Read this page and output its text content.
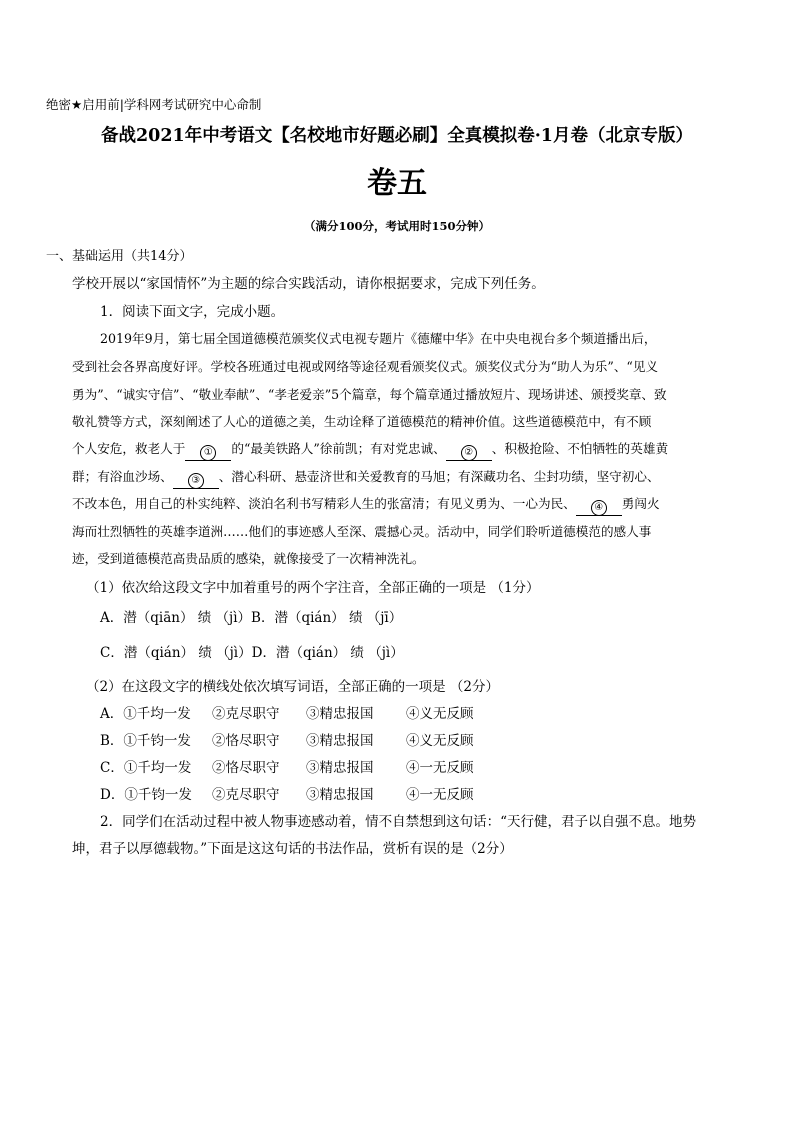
绝密★启用前|学科网考试研究中心命制
备战2021年中考语文【名校地市好题必刷】全真模拟卷·1月卷（北京专版）
卷五
（满分100分，考试用时150分钟）
一、基础运用（共14分）
学校开展以“家国情怀”为主题的综合实践活动，请你根据要求，完成下列任务。
1．阅读下面文字，完成小题。
2019年9月，第七届全国道德模范颁奖仪式电视专题片《德耀中华》在中央电视台多个频道播出后，
受到社会各界高度好评。学校各班通过电视或网络等途径观看颁奖仪式。颁奖仪式分为“助人为乐”、“见义
勇为”、“诚实守信”、“敬业奉献”、“孝老爱亲”5个篇章，每个篇章通过播放短片、现场讲述、颁授奖章、致
敬礼赞等方式，深刻阐述了人心的道德之美，生动诠释了道德模范的精神价值。这些道德模范中，有不顾
个人安危，救老人于 ① 的“最美铁路人”徐前凯；有对党忠诚、 ② 、积极抢险、不怕牺牲的英雄黄
群；有浴血沙场、 ③ 、潜心科研、悬壶济世和关爱教育的马旭；有深藏功名、尘封功绩，坚守初心、
不改本色，用自己的朴实纯粹、淡泊名利书写精彩人生的张富清；有见义勇为、一心为民、 ④ 勇闯火
海而壮烈牺牲的英雄李道洲……他们的事迹感人至深、震撼心灵。活动中，同学们聆听道德模范的感人事
迹，受到道德模范高贵品质的感染，就像接受了一次精神洗礼。
（1）依次给这段文字中加着重号的两个字注音，全部正确的一项是 （1分）
A．潜（qiān） 绩 （jì）B．潜（qián） 绩 （jī）
C．潜（qián） 绩 （jì）D．潜（qián） 绩 （jì）
（2）在这段文字的横线处依次填写词语，全部正确的一项是 （2分）
A．①千均一发 ②克尽职守 ③精忠报国 ④义无反顾
B．①千钧一发 ②恪尽职守 ③精忠报国 ④义无反顾
C．①千均一发 ②恪尽职守 ③精忠报国 ④一无反顾
D．①千钧一发 ②克尽职守 ③精忠报国 ④一无反顾
2．同学们在活动过程中被人物事迹感动着，情不自禁想到这句话：“天行健，君子以自强不息。地势
坤，君子以厚德载物。”下面是这这句话的书法作品，赏析有误的是（2分）
